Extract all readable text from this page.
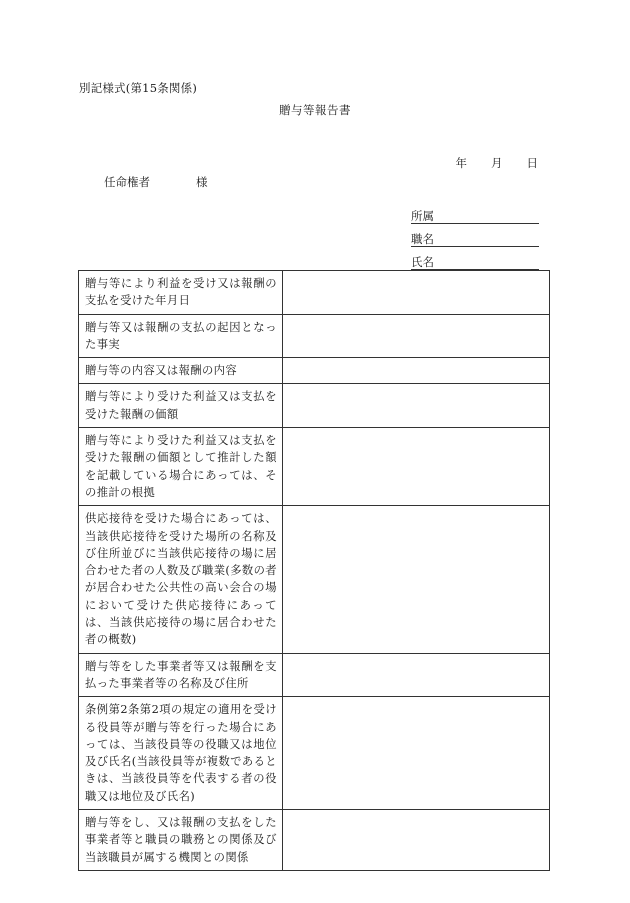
別記様式(第15条関係)
贈与等報告書
年 月 日
任命権者	様
所属
職名
氏名
贈与等により利益を受け又は報酬の支払を受けた年月日	
贈与等又は報酬の支払の起因となった事実	
贈与等の内容又は報酬の内容	
贈与等により受けた利益又は支払を受けた報酬の価額	
贈与等により受けた利益又は支払を受けた報酬の価額として推計した額を記載している場合にあっては、その推計の根拠	
供応接待を受けた場合にあっては、当該供応接待を受けた場所の名称及び住所並びに当該供応接待の場に居合わせた者の人数及び職業(多数の者が居合わせた公共性の高い会合の場において受けた供応接待にあっては、当該供応接待の場に居合わせた者の概数)	
贈与等をした事業者等又は報酬を支払った事業者等の名称及び住所	
条例第2条第2項の規定の適用を受ける役員等が贈与等を行った場合にあっては、当該役員等の役職又は地位及び氏名(当該役員等が複数であるときは、当該役員等を代表する者の役職又は地位及び氏名)	
贈与等をし、又は報酬の支払をした事業者等と職員の職務との関係及び当該職員が属する機関との関係	
